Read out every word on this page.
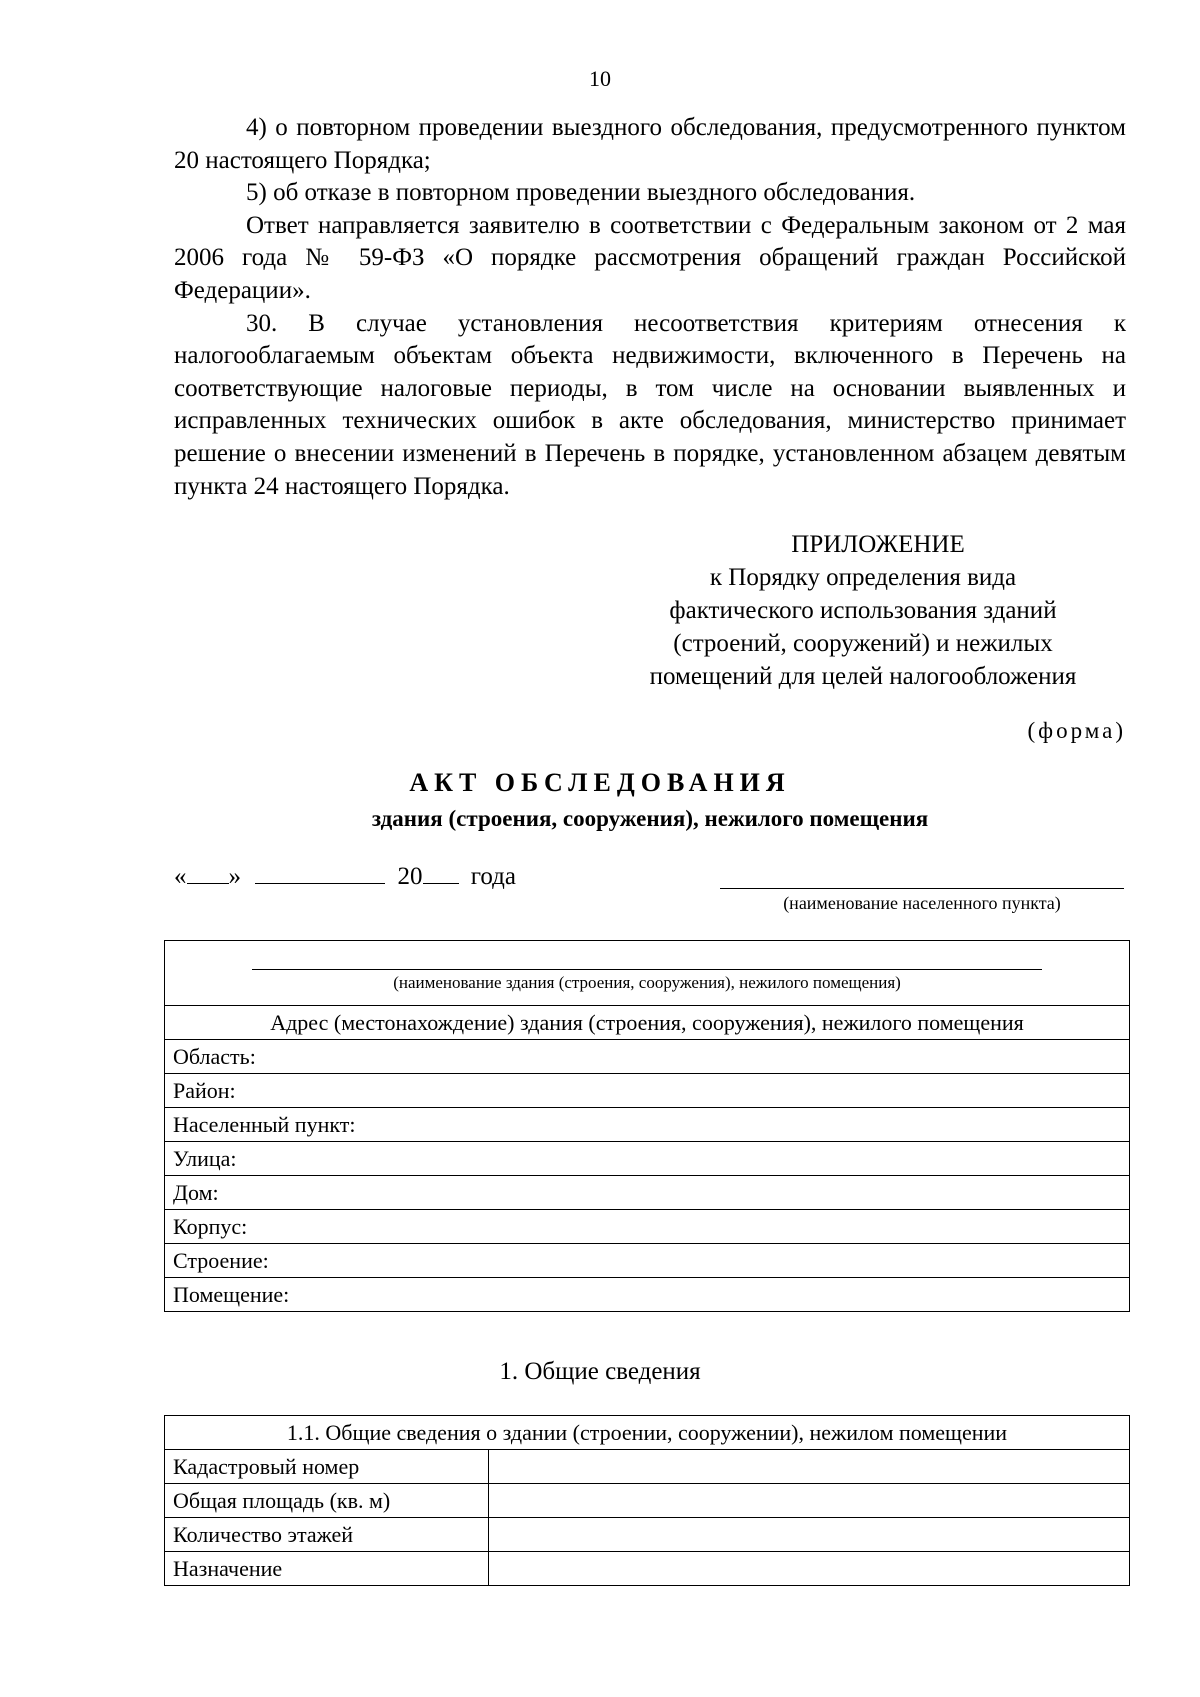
10

4) о повторном проведении выездного обследования, предусмотренного пунктом 20 настоящего Порядка;

5) об отказе в повторном проведении выездного обследования.

Ответ направляется заявителю в соответствии с Федеральным законом от 2 мая 2006 года № 59-ФЗ «О порядке рассмотрения обращений граждан Российской Федерации».

30. В случае установления несоответствия критериям отнесения к налогооблагаемым объектам объекта недвижимости, включенного в Перечень на соответствующие налоговые периоды, в том числе на основании выявленных и исправленных технических ошибок в акте обследования, министерство принимает решение о внесении изменений в Перечень в порядке, установленном абзацем девятым пункта 24 настоящего Порядка.

ПРИЛОЖЕНИЕ
к Порядку определения вида
фактического использования зданий
(строений, сооружений) и нежилых
помещений для целей налогообложения
(форма)
АКТ ОБСЛЕДОВАНИЯ
здания (строения, сооружения), нежилого помещения
« »	20 года
(наименование населенного пункта)
(наименование здания (строения, сооружения), нежилого помещения)

Адрес (местонахождение) здания (строения, сооружения), нежилого помещения
Область:
Район:
Населенный пункт:
Улица:
Дом:
Корпус:
Строение:
Помещение:
1. Общие сведения
1.1. Общие сведения о здании (строении, сооружении), нежилом помещении	
Кадастровый номер	
Общая площадь (кв. м)	
Количество этажей	
Назначение	
